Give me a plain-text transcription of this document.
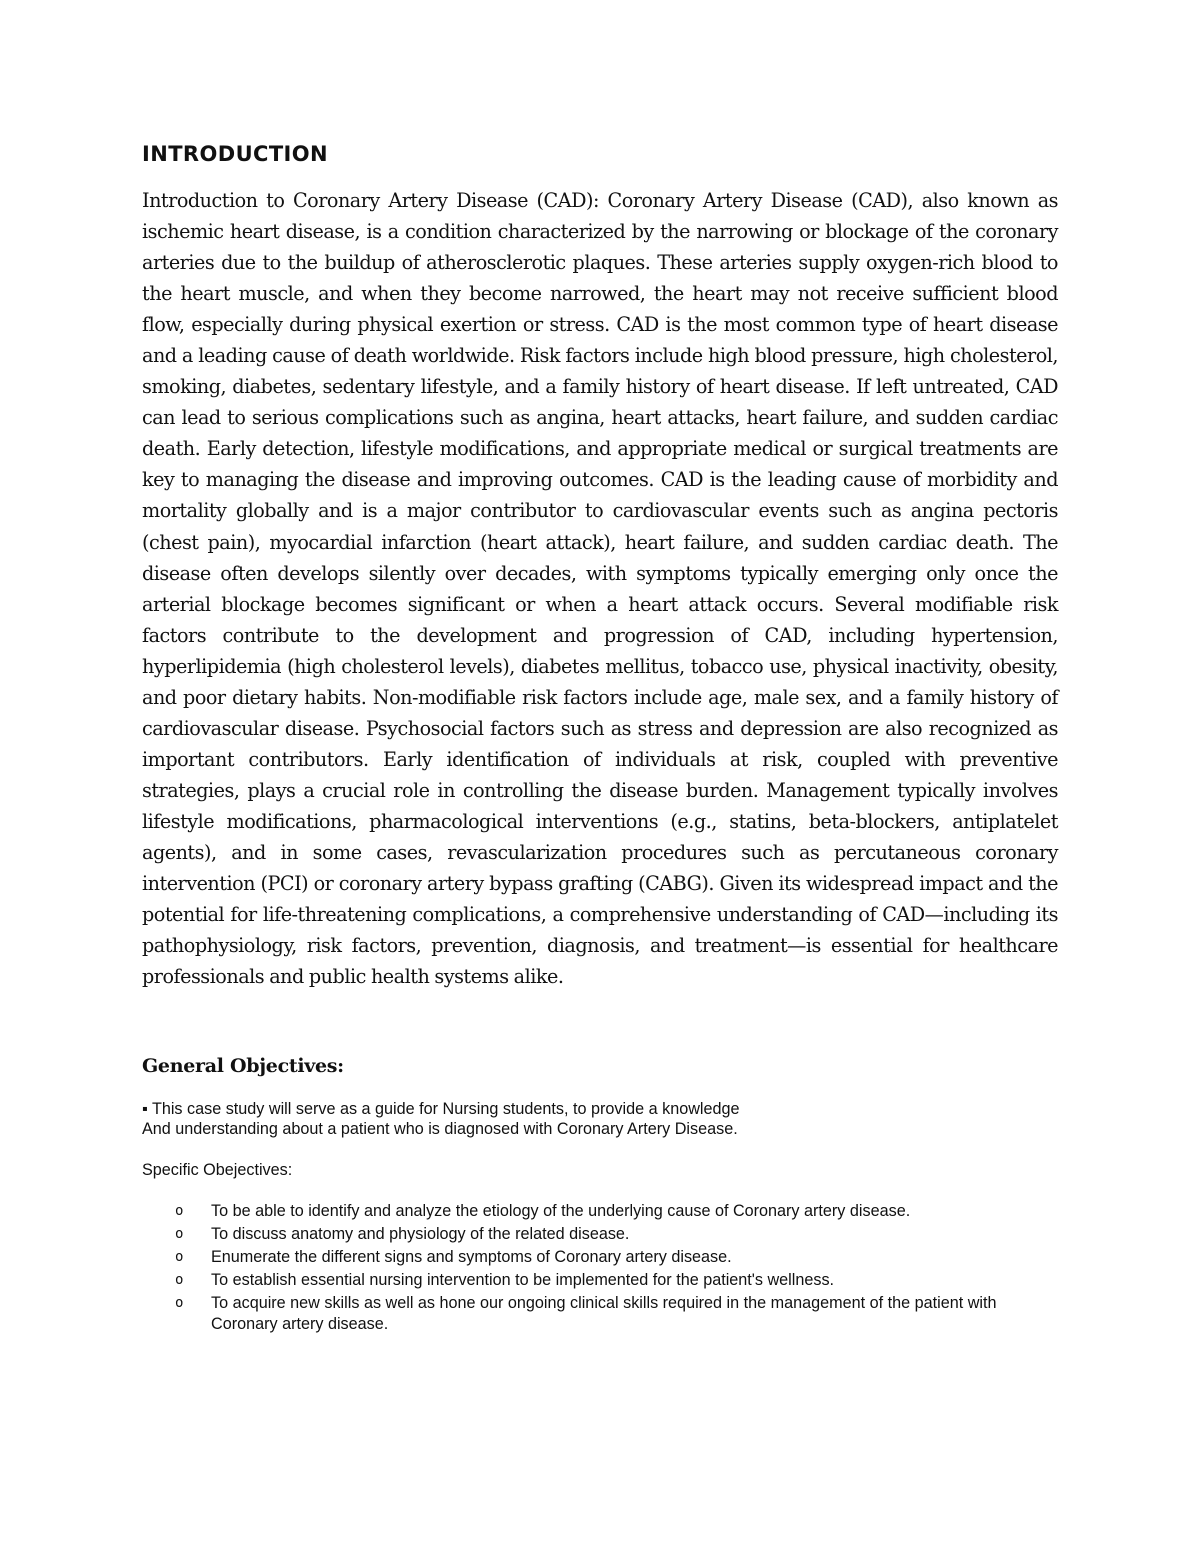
INTRODUCTION

Introduction to Coronary Artery Disease (CAD): Coronary Artery Disease (CAD), also known as ischemic heart disease, is a condition characterized by the narrowing or blockage of the coronary arteries due to the buildup of atherosclerotic plaques. These arteries supply oxygen-rich blood to the heart muscle, and when they become narrowed, the heart may not receive sufficient blood flow, especially during physical exertion or stress. CAD is the most common type of heart disease and a leading cause of death worldwide. Risk factors include high blood pressure, high cholesterol, smoking, diabetes, sedentary lifestyle, and a family history of heart disease. If left untreated, CAD can lead to serious complications such as angina, heart attacks, heart failure, and sudden cardiac death. Early detection, lifestyle modifications, and appropriate medical or surgical treatments are key to managing the disease and improving outcomes. CAD is the leading cause of morbidity and mortality globally and is a major contributor to cardiovascular events such as angina pectoris (chest pain), myocardial infarction (heart attack), heart failure, and sudden cardiac death. The disease often develops silently over decades, with symptoms typically emerging only once the arterial blockage becomes significant or when a heart attack occurs. Several modifiable risk factors contribute to the development and progression of CAD, including hypertension, hyperlipidemia (high cholesterol levels), diabetes mellitus, tobacco use, physical inactivity, obesity, and poor dietary habits. Non-modifiable risk factors include age, male sex, and a family history of cardiovascular disease. Psychosocial factors such as stress and depression are also recognized as important contributors. Early identification of individuals at risk, coupled with preventive strategies, plays a crucial role in controlling the disease burden. Management typically involves lifestyle modifications, pharmacological interventions (e.g., statins, beta-blockers, antiplatelet agents), and in some cases, revascularization procedures such as percutaneous coronary intervention (PCI) or coronary artery bypass grafting (CABG). Given its widespread impact and the potential for life-threatening complications, a comprehensive understanding of CAD—including its pathophysiology, risk factors, prevention, diagnosis, and treatment—is essential for healthcare professionals and public health systems alike.

General Objectives:
▪ This case study will serve as a guide for Nursing students, to provide a knowledge
And understanding about a patient who is diagnosed with Coronary Artery Disease.
Specific Obejectives:
o	To be able to identify and analyze the etiology of the underlying cause of Coronary artery disease.
o	To discuss anatomy and physiology of the related disease.
o	Enumerate the different signs and symptoms of Coronary artery disease.
o	To establish essential nursing intervention to be implemented for the patient's wellness.
o	To acquire new skills as well as hone our ongoing clinical skills required in the management of the patient with Coronary artery disease.
